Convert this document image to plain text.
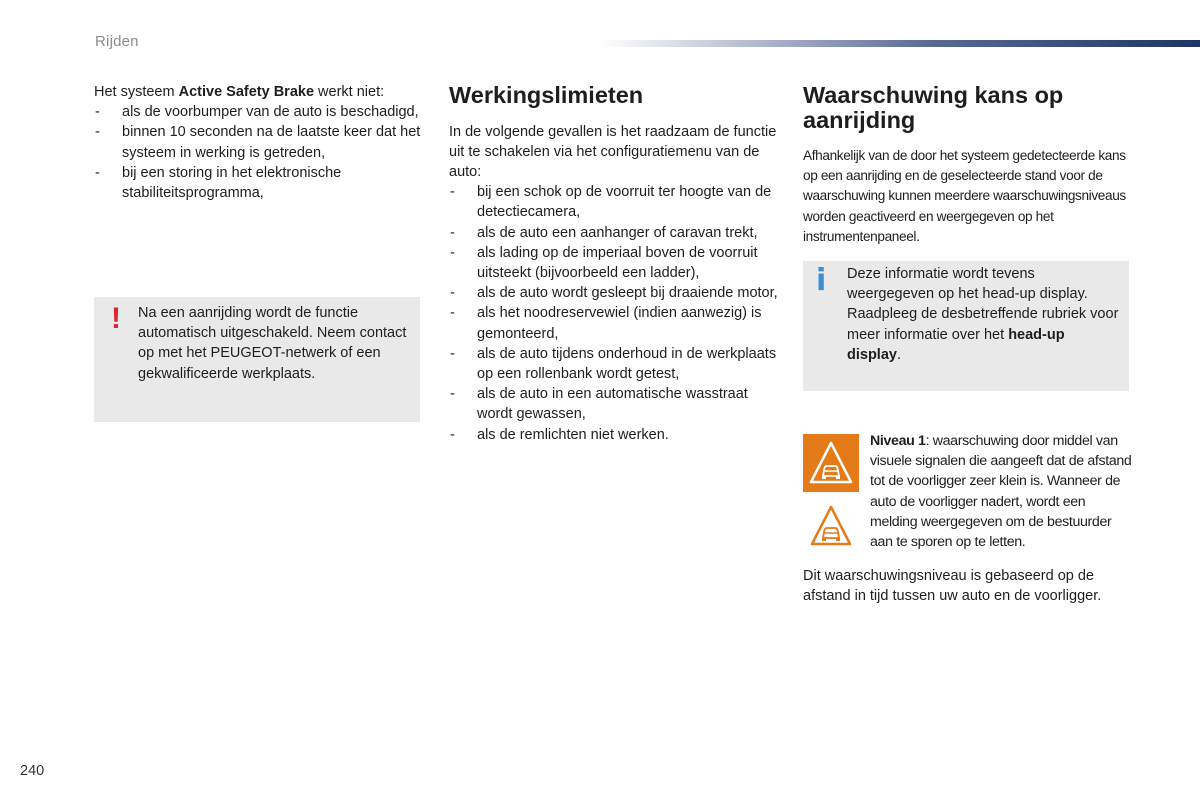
Rijden

Het systeem Active Safety Brake werkt niet:

- als de voorbumper van de auto is beschadigd,
- binnen 10 seconden na de laatste keer dat het systeem in werking is getreden,
- bij een storing in het elektronische stabiliteitsprogramma,
! Na een aanrijding wordt de functie automatisch uitgeschakeld. Neem contact op met het PEUGEOT-netwerk of een gekwalificeerde werkplaats.
Werkingslimieten

In de volgende gevallen is het raadzaam de functie uit te schakelen via het configuratiemenu van de auto:

- bij een schok op de voorruit ter hoogte van de detectiecamera,
- als de auto een aanhanger of caravan trekt,
- als lading op de imperiaal boven de voorruit uitsteekt (bijvoorbeeld een ladder),
- als de auto wordt gesleept bij draaiende motor,
- als het noodreservewiel (indien aanwezig) is gemonteerd,
- als de auto tijdens onderhoud in de werkplaats op een rollenbank wordt getest,
- als de auto in een automatische wasstraat wordt gewassen,
- als de remlichten niet werken.
Waarschuwing kans op aanrijding

Afhankelijk van de door het systeem gedetecteerde kans op een aanrijding en de geselecteerde stand voor de waarschuwing kunnen meerdere waarschuwingsniveaus worden geactiveerd en weergegeven op het instrumentenpaneel.

i Deze informatie wordt tevens weergegeven op het head-up display. Raadpleeg de desbetreffende rubriek voor meer informatie over het head-up display.
Niveau 1: waarschuwing door middel van visuele signalen die aangeeft dat de afstand tot de voorligger zeer klein is. Wanneer de auto de voorligger nadert, wordt een melding weergegeven om de bestuurder aan te sporen op te letten.

Dit waarschuwingsniveau is gebaseerd op de afstand in tijd tussen uw auto en de voorligger.

240
